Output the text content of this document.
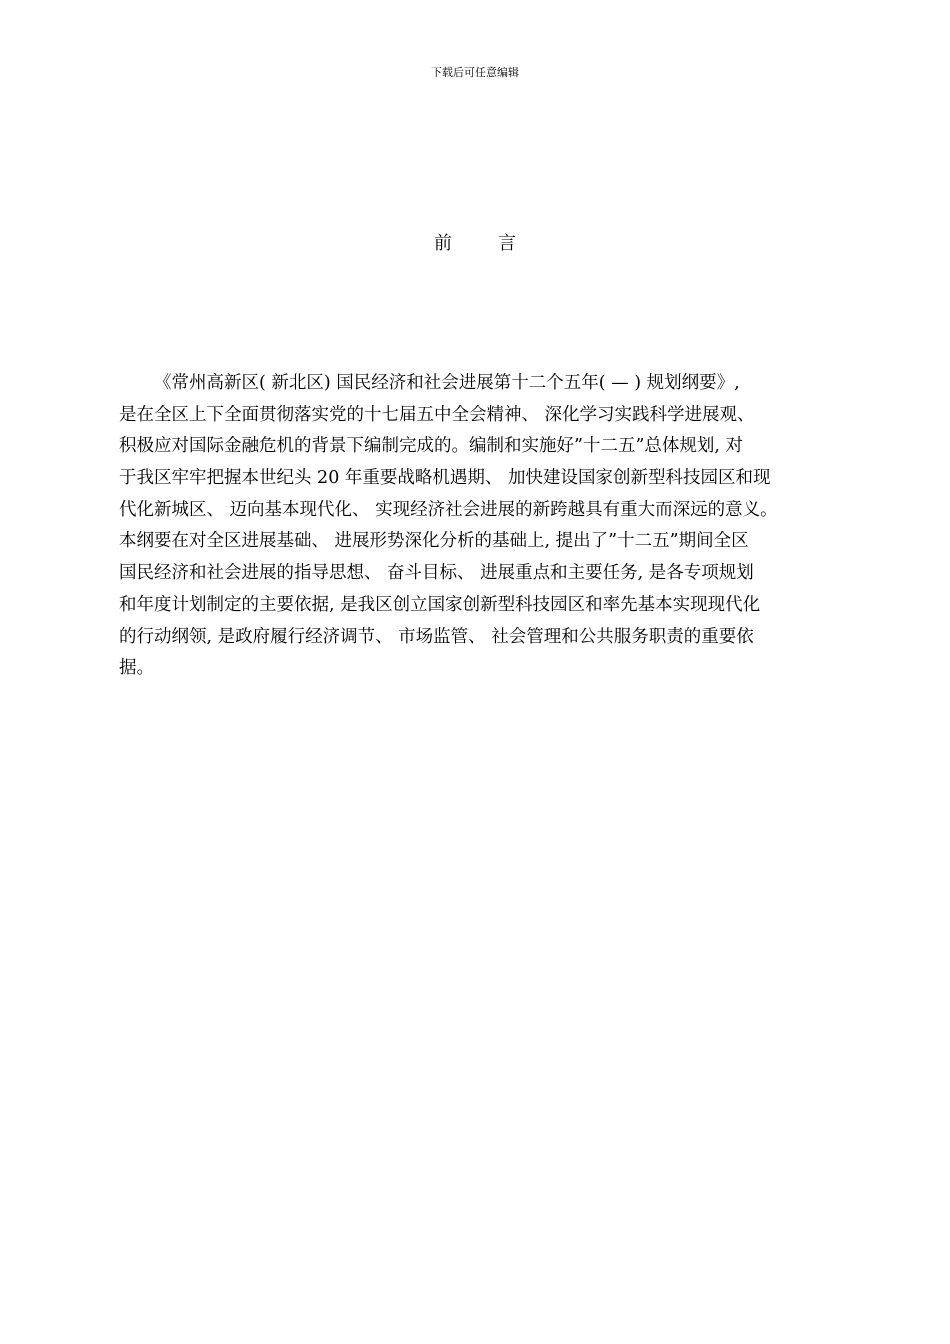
下载后可任意编辑
前	言
《常州高新区( 新北区) 国民经济和社会进展第十二个五年( — ) 规划纲要》,
是在全区上下全面贯彻落实党的十七届五中全会精神、 深化学习实践科学进展观、
积极应对国际金融危机的背景下编制完成的。编制和实施好”十二五”总体规划, 对
于我区牢牢把握本世纪头 20 年重要战略机遇期、 加快建设国家创新型科技园区和现
代化新城区、 迈向基本现代化、 实现经济社会进展的新跨越具有重大而深远的意义。
本纲要在对全区进展基础、 进展形势深化分析的基础上, 提出了”十二五”期间全区
国民经济和社会进展的指导思想、 奋斗目标、 进展重点和主要任务, 是各专项规划
和年度计划制定的主要依据, 是我区创立国家创新型科技园区和率先基本实现现代化
的行动纲领, 是政府履行经济调节、 市场监管、 社会管理和公共服务职责的重要依
据。
